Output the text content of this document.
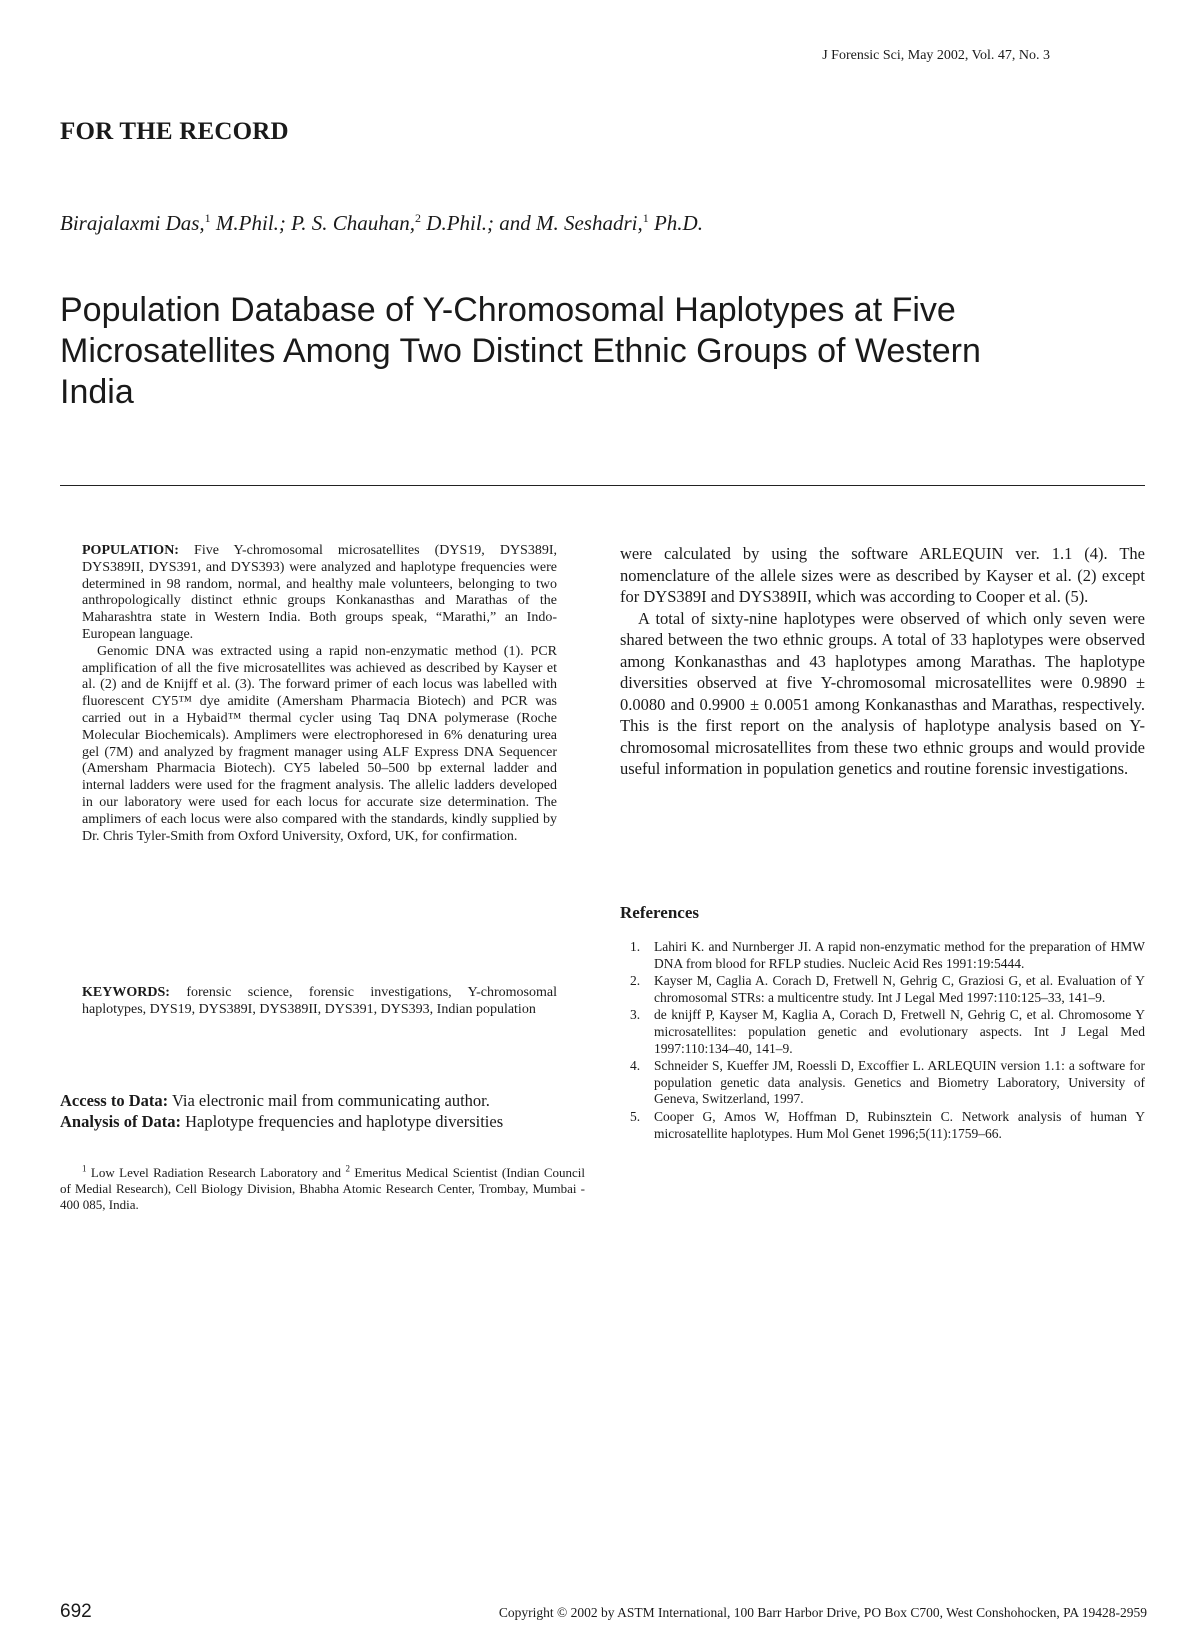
J Forensic Sci, May 2002, Vol. 47, No. 3
FOR THE RECORD
Birajalaxmi Das,$^1$ M.Phil.; P. S. Chauhan,$^2$ D.Phil.; and M. Seshadri,$^1$ Ph.D.
Population Database of Y-Chromosomal Haplotypes at Five Microsatellites Among Two Distinct Ethnic Groups of Western India

POPULATION: Five Y-chromosomal microsatellites (DYS19, DYS389I, DYS389II, DYS391, and DYS393) were analyzed and haplotype frequencies were determined in 98 random, normal, and healthy male volunteers, belonging to two anthropologically distinct ethnic groups Konkanasthas and Marathas of the Maharashtra state in Western India. Both groups speak, “Marathi,” an Indo-European language.

Genomic DNA was extracted using a rapid non-enzymatic method (1). PCR amplification of all the five microsatellites was achieved as described by Kayser et al. (2) and de Knijff et al. (3). The forward primer of each locus was labelled with fluorescent CY5™ dye amidite (Amersham Pharmacia Biotech) and PCR was carried out in a Hybaid™ thermal cycler using Taq DNA polymerase (Roche Molecular Biochemicals). Amplimers were electrophoresed in 6% denaturing urea gel (7M) and analyzed by fragment manager using ALF Express DNA Sequencer (Amersham Pharmacia Biotech). CY5 labeled 50–500 bp external ladder and internal ladders were used for the fragment analysis. The allelic ladders developed in our laboratory were used for each locus for accurate size determination. The amplimers of each locus were also compared with the standards, kindly supplied by Dr. Chris Tyler-Smith from Oxford University, Oxford, UK, for confirmation.

KEYWORDS: forensic science, forensic investigations, Y-chromosomal haplotypes, DYS19, DYS389I, DYS389II, DYS391, DYS393, Indian population
Access to Data: Via electronic mail from communicating author.
Analysis of Data: Haplotype frequencies and haplotype diversities

$^1$ Low Level Radiation Research Laboratory and $^2$ Emeritus Medical Scientist (Indian Council of Medial Research), Cell Biology Division, Bhabha Atomic Research Center, Trombay, Mumbai - 400 085, India.

were calculated by using the software ARLEQUIN ver. 1.1 (4). The nomenclature of the allele sizes were as described by Kayser et al. (2) except for DYS389I and DYS389II, which was according to Cooper et al. (5).

A total of sixty-nine haplotypes were observed of which only seven were shared between the two ethnic groups. A total of 33 haplotypes were observed among Konkanasthas and 43 haplotypes among Marathas. The haplotype diversities observed at five Y-chromosomal microsatellites were 0.9890 ± 0.0080 and 0.9900 ± 0.0051 among Konkanasthas and Marathas, respectively. This is the first report on the analysis of haplotype analysis based on Y-chromosomal microsatellites from these two ethnic groups and would provide useful information in population genetics and routine forensic investigations.

References
1. Lahiri K. and Nurnberger JI. A rapid non-enzymatic method for the preparation of HMW DNA from blood for RFLP studies. Nucleic Acid Res 1991:19:5444.
2. Kayser M, Caglia A. Corach D, Fretwell N, Gehrig C, Graziosi G, et al. Evaluation of Y chromosomal STRs: a multicentre study. Int J Legal Med 1997:110:125–33, 141–9.
3. de knijff P, Kayser M, Kaglia A, Corach D, Fretwell N, Gehrig C, et al. Chromosome Y microsatellites: population genetic and evolutionary aspects. Int J Legal Med 1997:110:134–40, 141–9.
4. Schneider S, Kueffer JM, Roessli D, Excoffier L. ARLEQUIN version 1.1: a software for population genetic data analysis. Genetics and Biometry Laboratory, University of Geneva, Switzerland, 1997.
5. Cooper G, Amos W, Hoffman D, Rubinsztein C. Network analysis of human Y microsatellite haplotypes. Hum Mol Genet 1996;5(11):1759–66.
692	Copyright © 2002 by ASTM International, 100 Barr Harbor Drive, PO Box C700, West Conshohocken, PA 19428-2959
